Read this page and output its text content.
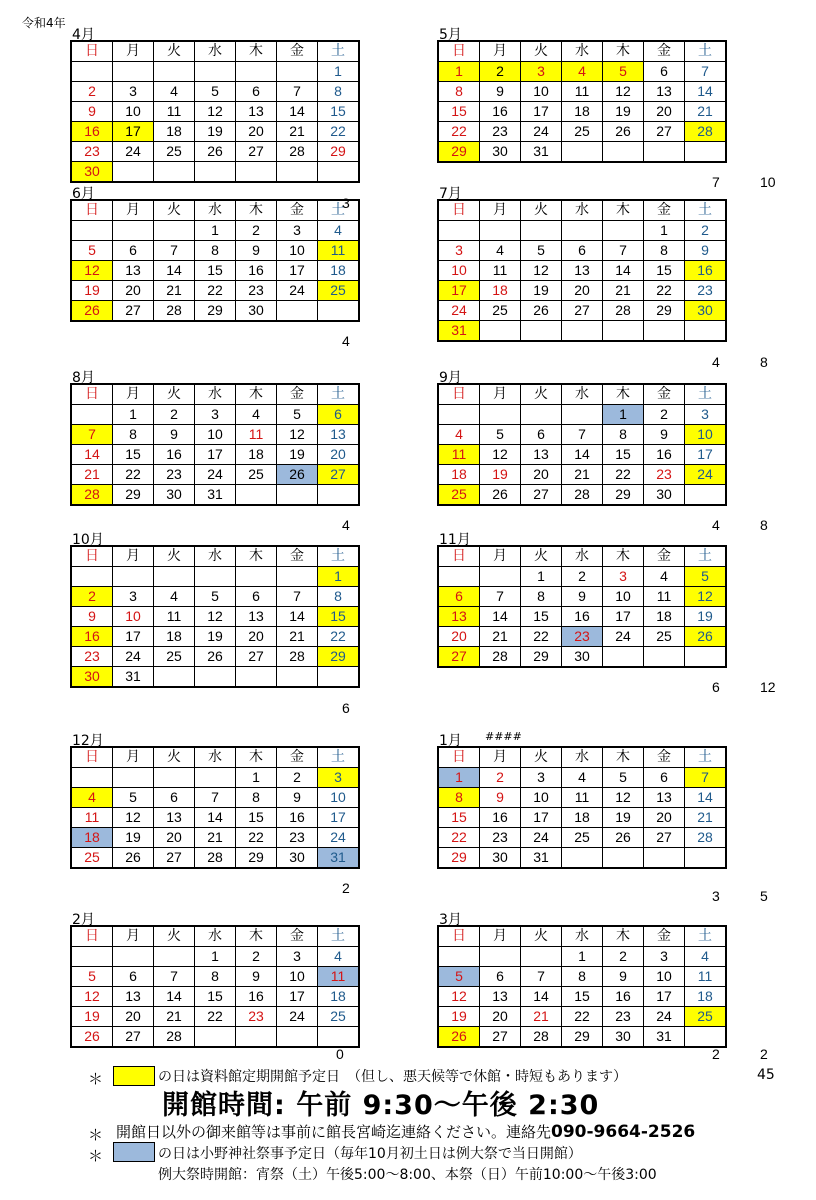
令和4年
4月
日	月	火	水	木	金	土
						1
2	3	4	5	6	7	8
9	10	11	12	13	14	15
16	17	18	19	20	21	22
23	24	25	26	27	28	29
30						
3
5月
日	月	火	水	木	金	土
1	2	3	4	5	6	7
8	9	10	11	12	13	14
15	16	17	18	19	20	21
22	23	24	25	26	27	28
29	30	31				
7	10
6月
日	月	火	水	木	金	土
			1	2	3	4
5	6	7	8	9	10	11
12	13	14	15	16	17	18
19	20	21	22	23	24	25
26	27	28	29	30		
4
7月
日	月	火	水	木	金	土
					1	2
3	4	5	6	7	8	9
10	11	12	13	14	15	16
17	18	19	20	21	22	23
24	25	26	27	28	29	30
31						
4	8
8月
日	月	火	水	木	金	土
	1	2	3	4	5	6
7	8	9	10	11	12	13
14	15	16	17	18	19	20
21	22	23	24	25	26	27
28	29	30	31			
4
9月
日	月	火	水	木	金	土
				1	2	3
4	5	6	7	8	9	10
11	12	13	14	15	16	17
18	19	20	21	22	23	24
25	26	27	28	29	30	
4	8
10月
日	月	火	水	木	金	土
						1
2	3	4	5	6	7	8
9	10	11	12	13	14	15
16	17	18	19	20	21	22
23	24	25	26	27	28	29
30	31					
6
11月
日	月	火	水	木	金	土
		1	2	3	4	5
6	7	8	9	10	11	12
13	14	15	16	17	18	19
20	21	22	23	24	25	26
27	28	29	30			
6	12
12月
日	月	火	水	木	金	土
				1	2	3
4	5	6	7	8	9	10
11	12	13	14	15	16	17
18	19	20	21	22	23	24
25	26	27	28	29	30	31
2
1月 ####
日	月	火	水	木	金	土
1	2	3	4	5	6	7
8	9	10	11	12	13	14
15	16	17	18	19	20	21
22	23	24	25	26	27	28
29	30	31				
3	5
2月
日	月	火	水	木	金	土
			1	2	3	4
5	6	7	8	9	10	11
12	13	14	15	16	17	18
19	20	21	22	23	24	25
26	27	28				
0
3月
日	月	火	水	木	金	土
			1	2	3	4
5	6	7	8	9	10	11
12	13	14	15	16	17	18
19	20	21	22	23	24	25
26	27	28	29	30	31	
2	2
＊	の日は資料館定期開館予定日　（但し、悪天候等で休館・時短もあります）	45
開館時間: 午前 9:30〜午後 2:30
＊ 開館日以外の御来館等は事前に館長宮崎迄連絡ください。連絡先090-9664-2526
＊	の日は小野神社祭事予定日（毎年10月初土日は例大祭で当日開館）
例大祭時開館：宵祭（土）午後5:00〜8:00、本祭（日）午前10:00〜午後3:00
